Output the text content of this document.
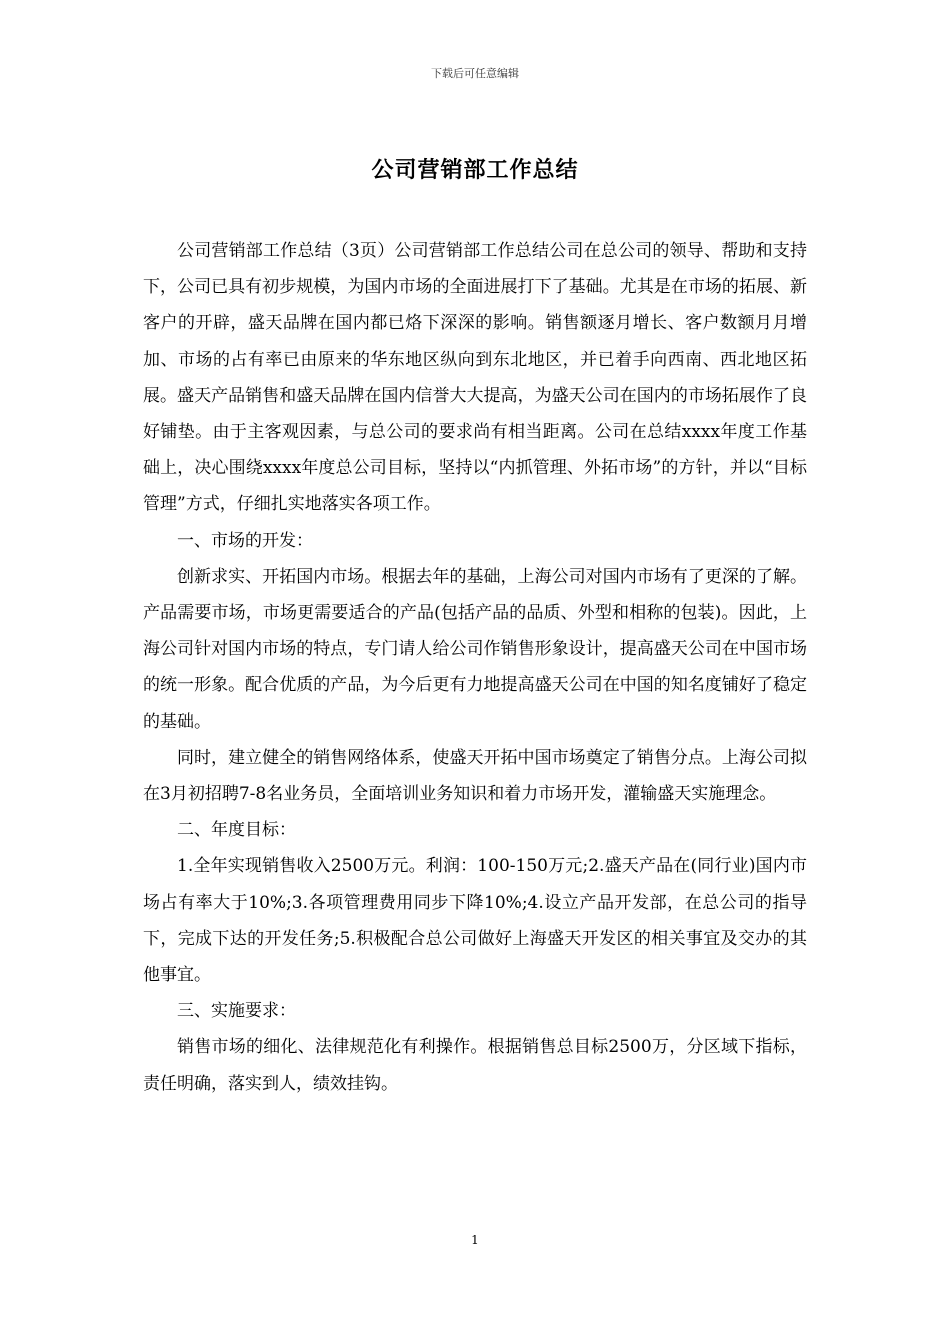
下载后可任意编辑
公司营销部工作总结

公司营销部工作总结（3页）公司营销部工作总结公司在总公司的领导、帮助和支持下，公司已具有初步规模，为国内市场的全面进展打下了基础。尤其是在市场的拓展、新客户的开辟，盛天品牌在国内都已烙下深深的影响。销售额逐月增长、客户数额月月增加、市场的占有率已由原来的华东地区纵向到东北地区，并已着手向西南、西北地区拓展。盛天产品销售和盛天品牌在国内信誉大大提高，为盛天公司在国内的市场拓展作了良好铺垫。由于主客观因素，与总公司的要求尚有相当距离。公司在总结xxxx年度工作基础上，决心围绕xxxx年度总公司目标，坚持以“内抓管理、外拓市场”的方针，并以“目标管理”方式，仔细扎实地落实各项工作。

一、市场的开发：

创新求实、开拓国内市场。根据去年的基础，上海公司对国内市场有了更深的了解。产品需要市场，市场更需要适合的产品(包括产品的品质、外型和相称的包装)。因此，上海公司针对国内市场的特点，专门请人给公司作销售形象设计，提高盛天公司在中国市场的统一形象。配合优质的产品，为今后更有力地提高盛天公司在中国的知名度铺好了稳定的基础。

同时，建立健全的销售网络体系，使盛天开拓中国市场奠定了销售分点。上海公司拟在3月初招聘7-8名业务员，全面培训业务知识和着力市场开发，灌输盛天实施理念。

二、年度目标：

1.全年实现销售收入2500万元。利润：100-150万元;2.盛天产品在(同行业)国内市场占有率大于10%;3.各项管理费用同步下降10%;4.设立产品开发部，在总公司的指导下，完成下达的开发任务;5.积极配合总公司做好上海盛天开发区的相关事宜及交办的其他事宜。

三、实施要求：

销售市场的细化、法律规范化有利操作。根据销售总目标2500万，分区域下指标，责任明确，落实到人，绩效挂钩。

1
